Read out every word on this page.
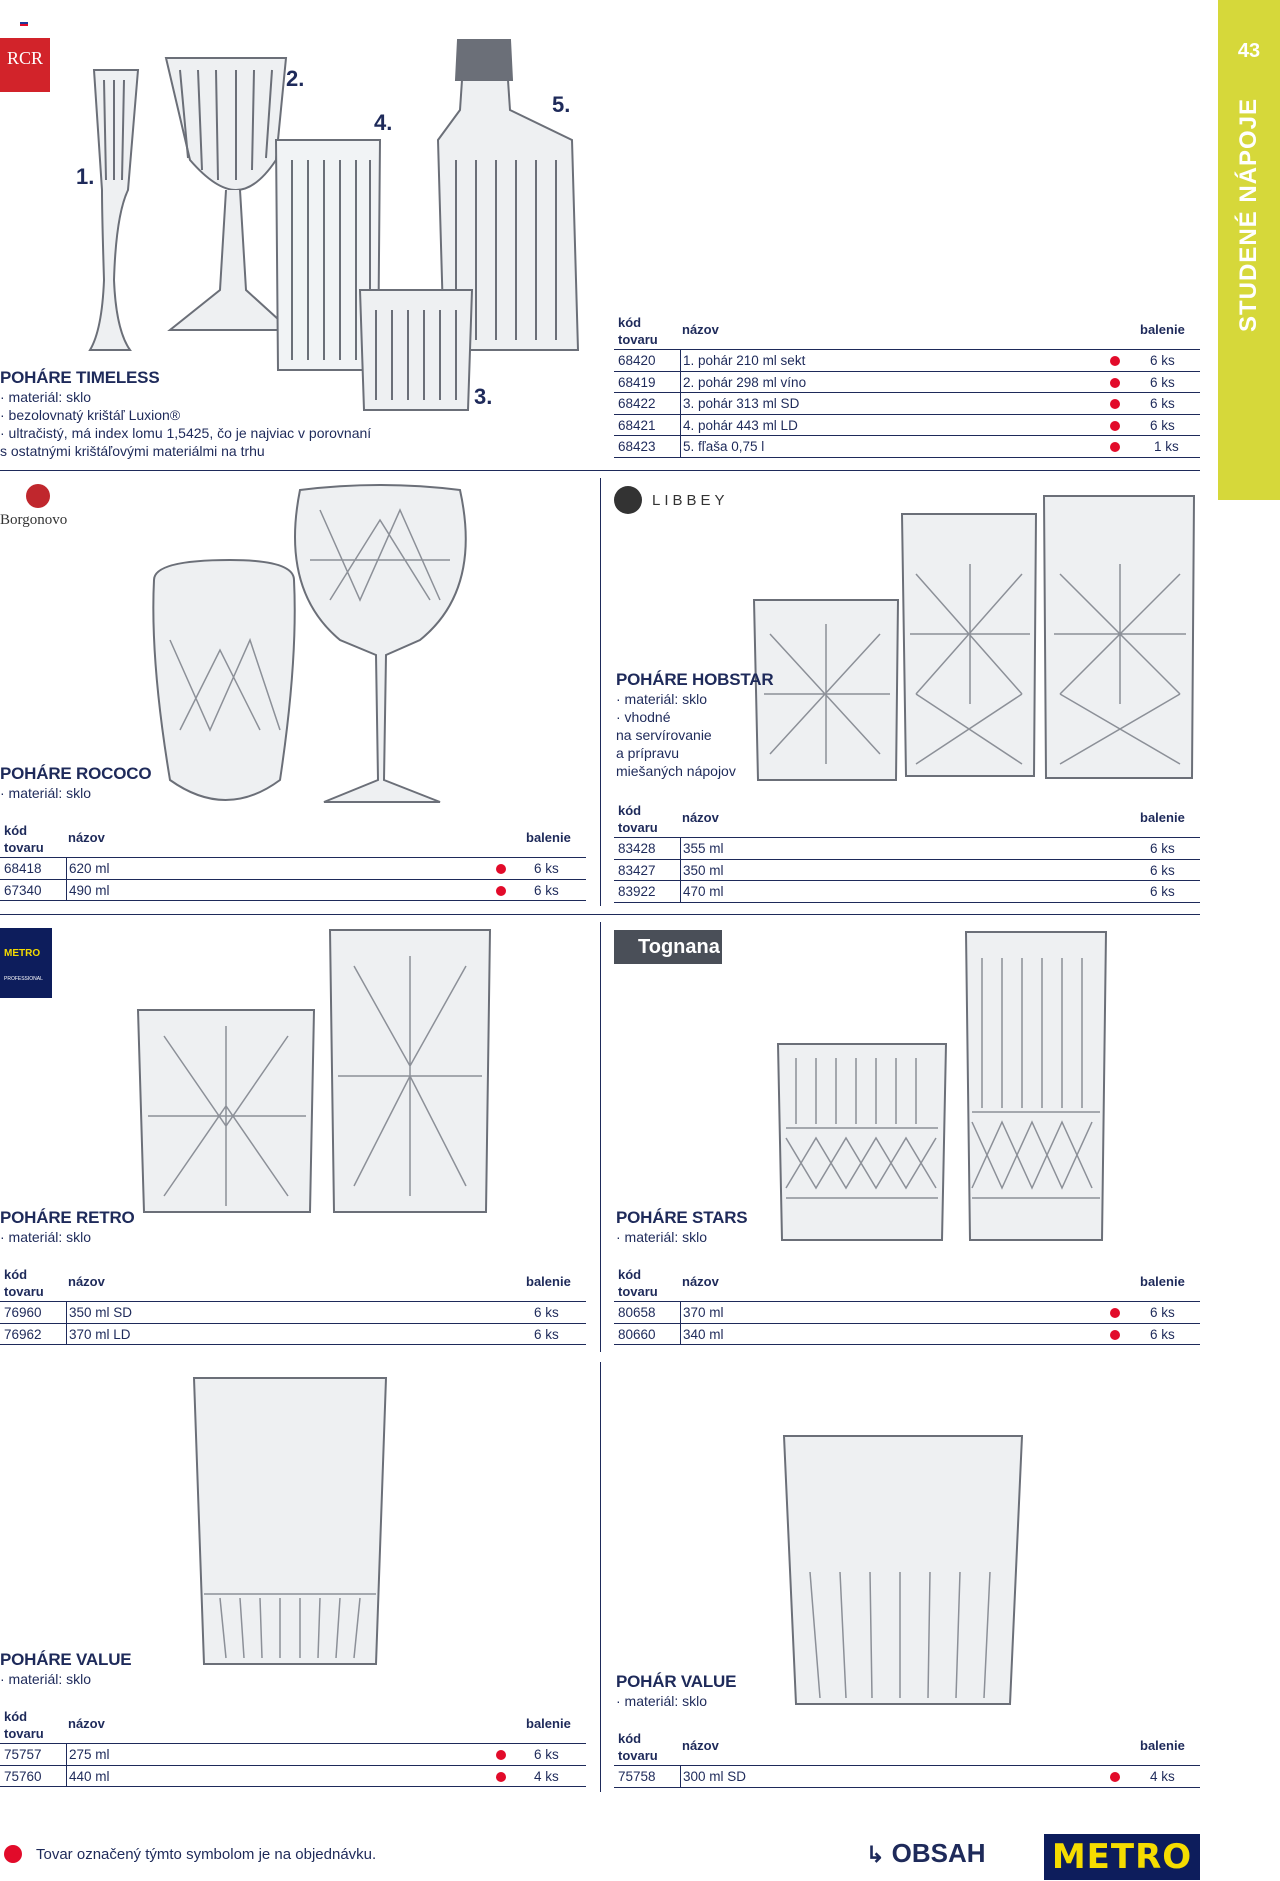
43
STUDENÉ NÁPOJE
RCR
1.
2.
3.
4.
5.
POHÁRE TIMELESS
· materiál: sklo
· bezolovnatý krištáľ Luxion®
· ultračistý, má index lomu 1,5425, čo je najviac v porovnaní
s ostatnými krištáľovými materiálmi na trhu
kód
tovaru
názov	balenie
68420 1. pohár 210 ml sekt	6 ks
68419 2. pohár 298 ml víno	6 ks
68422 3. pohár 313 ml SD	6 ks
68421 4. pohár 443 ml LD	6 ks
68423 5. fľaša 0,75 l	1 ks
Borgonovo
POHÁRE ROCOCO
· materiál: sklo
kód
tovaru
názov	balenie
68418 620 ml	6 ks
67340 490 ml	6 ks
LIBBEY
POHÁRE HOBSTAR
· materiál: sklo
· vhodné
na servírovanie
a prípravu
miešaných nápojov
kód
tovaru
názov	balenie
83428 355 ml	6 ks
83427 350 ml	6 ks
83922 470 ml	6 ks
METRO
PROFESSIONAL
POHÁRE RETRO
· materiál: sklo
kód
tovaru
názov	balenie
76960 350 ml SD	6 ks
76962 370 ml LD	6 ks
Tognana
POHÁRE STARS
· materiál: sklo
kód
tovaru
názov	balenie
80658 370 ml	6 ks
80660 340 ml	6 ks
POHÁRE VALUE
· materiál: sklo
kód
tovaru
názov	balenie
75757 275 ml	6 ks
75760 440 ml	4 ks
POHÁR VALUE
· materiál: sklo
kód
tovaru
názov	balenie
75758 300 ml SD	4 ks
Tovar označený týmto symbolom je na objednávku.	↳ OBSAH METRO
